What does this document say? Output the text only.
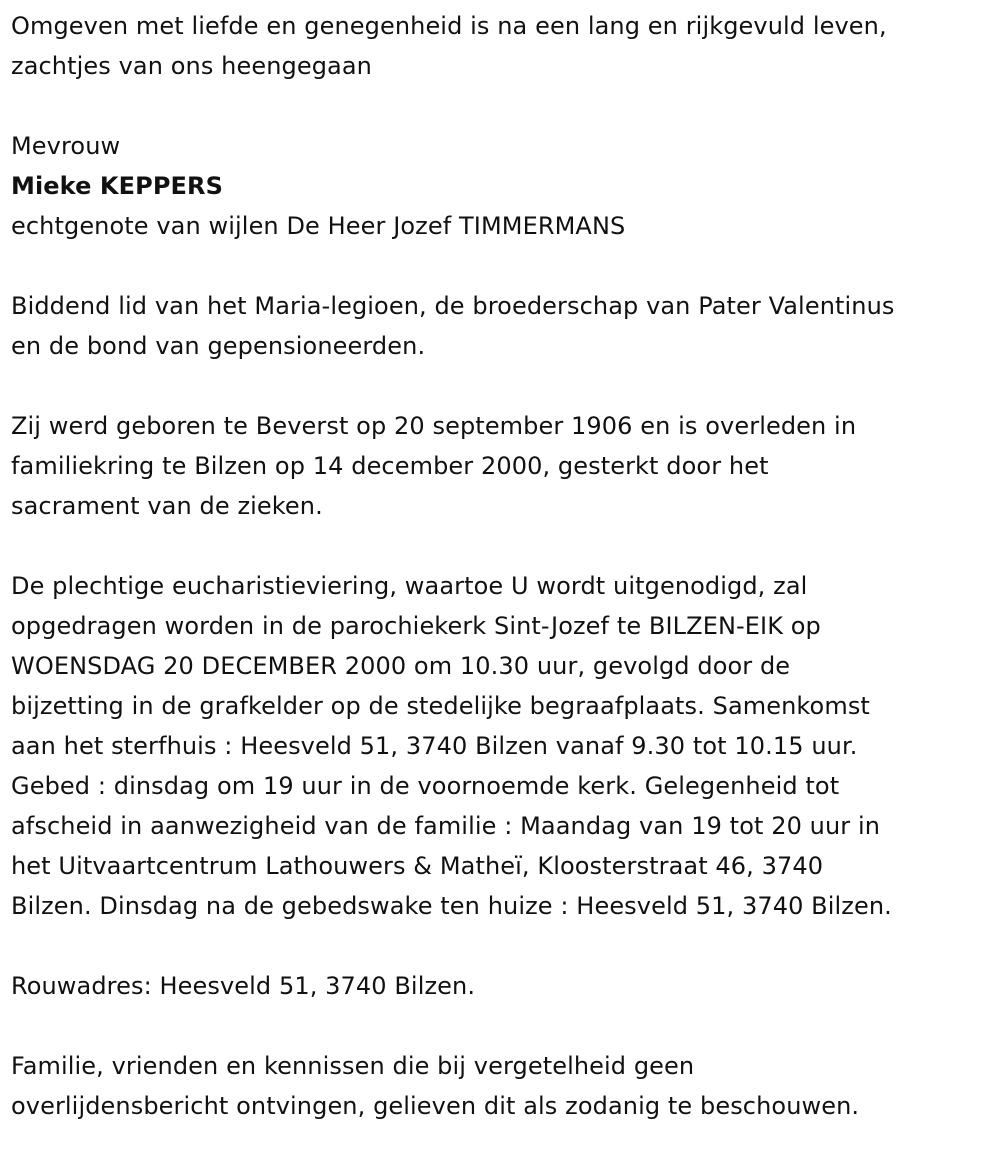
Omgeven met liefde en genegenheid is na een lang en rijkgevuld leven,
zachtjes van ons heengegaan
Mevrouw
Mieke KEPPERS
echtgenote van wijlen De Heer Jozef TIMMERMANS
Biddend lid van het Maria-legioen, de broederschap van Pater Valentinus
en de bond van gepensioneerden.
Zij werd geboren te Beverst op 20 september 1906 en is overleden in
familiekring te Bilzen op 14 december 2000, gesterkt door het
sacrament van de zieken.
De plechtige eucharistieviering, waartoe U wordt uitgenodigd, zal
opgedragen worden in de parochiekerk Sint-Jozef te BILZEN-EIK op
WOENSDAG 20 DECEMBER 2000 om 10.30 uur, gevolgd door de
bijzetting in de grafkelder op de stedelijke begraafplaats. Samenkomst
aan het sterfhuis : Heesveld 51, 3740 Bilzen vanaf 9.30 tot 10.15 uur.
Gebed : dinsdag om 19 uur in de voornoemde kerk. Gelegenheid tot
afscheid in aanwezigheid van de familie : Maandag van 19 tot 20 uur in
het Uitvaartcentrum Lathouwers & Matheï, Kloosterstraat 46, 3740
Bilzen. Dinsdag na de gebedswake ten huize : Heesveld 51, 3740 Bilzen.
Rouwadres: Heesveld 51, 3740 Bilzen.
Familie, vrienden en kennissen die bij vergetelheid geen
overlijdensbericht ontvingen, gelieven dit als zodanig te beschouwen.
